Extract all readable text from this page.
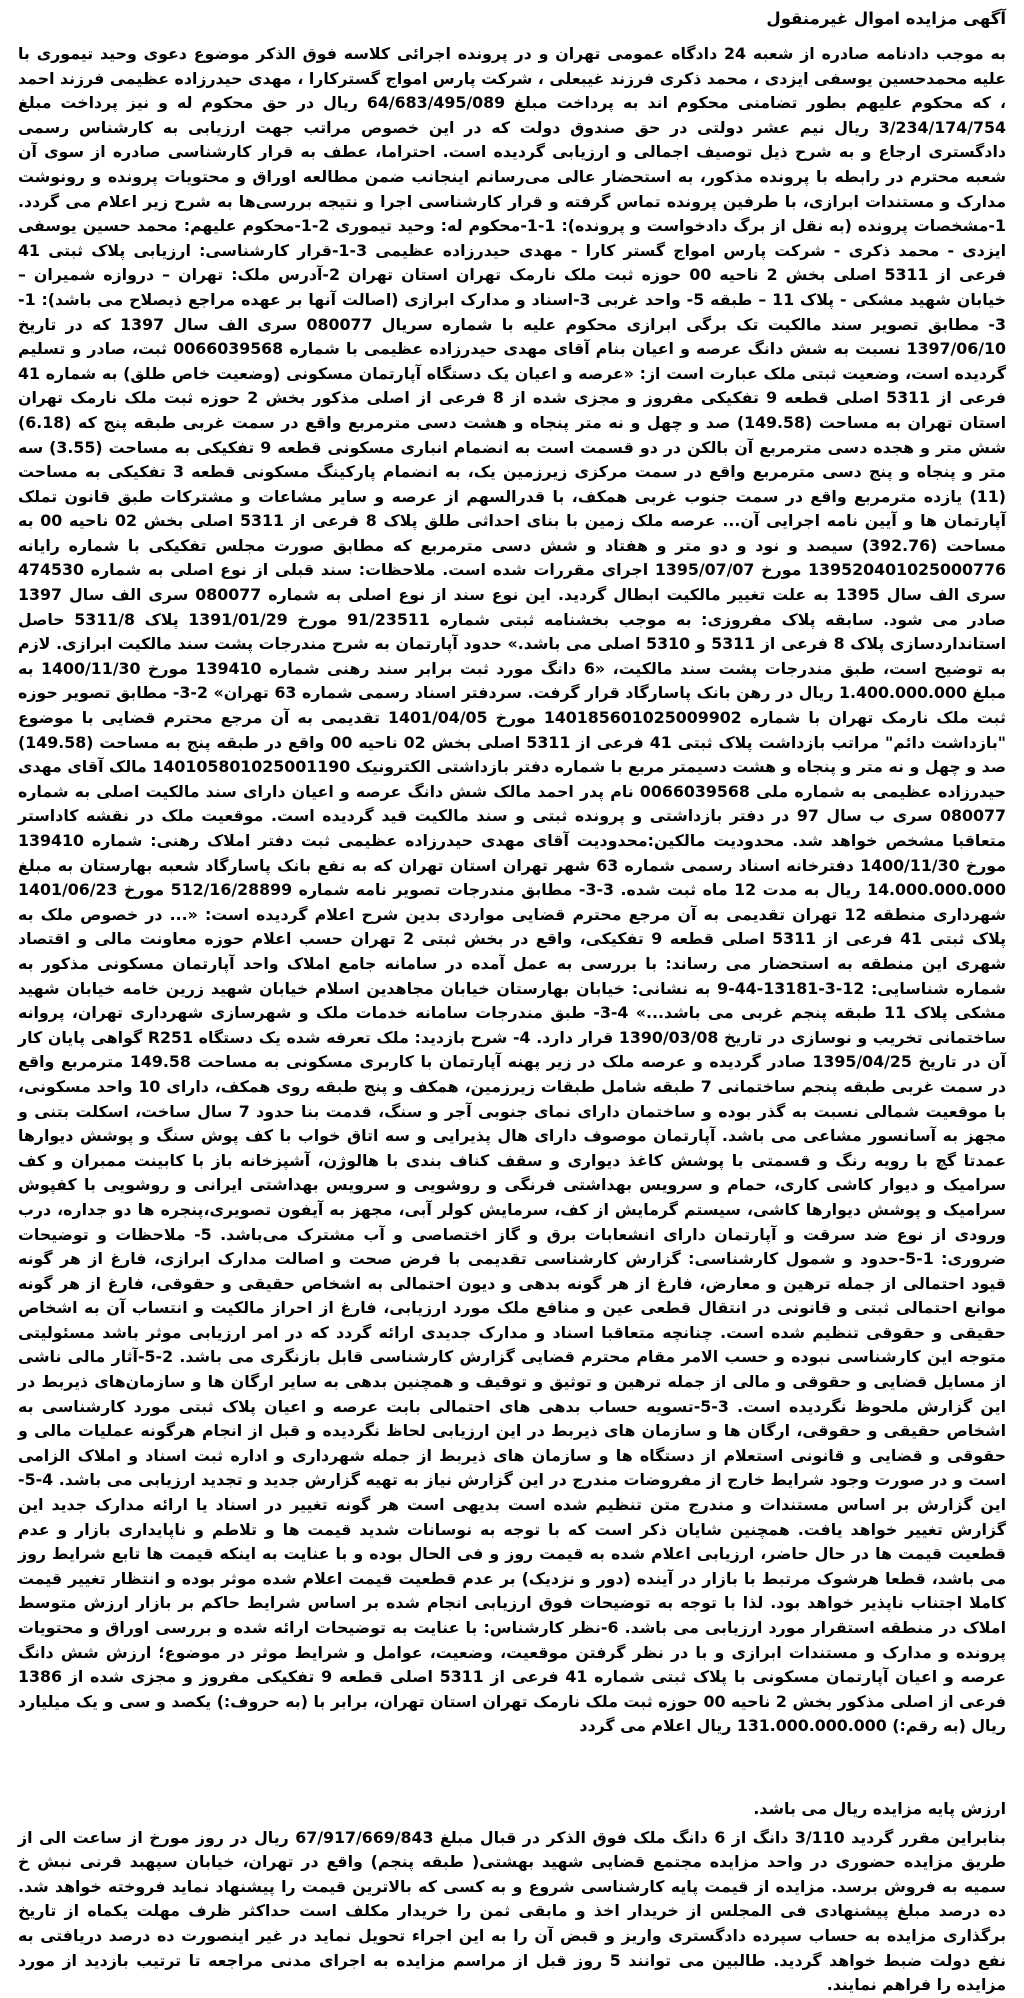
آگهی مزایده اموال غیرمنقول

به موجب دادنامه صادره از شعبه 24 دادگاه عمومی تهران و در پرونده اجرائی کلاسه فوق الذکر موضوع دعوی وحید تیموری با علیه محمدحسین یوسفی ایزدی ، محمد ذکری فرزند غیبعلی ، شرکت پارس امواج گسترکارا ، مهدی حیدرزاده عظیمی فرزند احمد ، که محکوم علیهم بطور تضامنی محکوم اند به پرداخت مبلغ 64/683/495/089 ریال در حق محکوم له و نیز پرداخت مبلغ 3/234/174/754 ریال نیم عشر دولتی در حق صندوق دولت که در این خصوص مراتب جهت ارزیابی به کارشناس رسمی دادگستری ارجاع و به شرح ذیل توصیف اجمالی و ارزیابی گردیده است. احتراما، عطف به قرار کارشناسی صادره از سوی آن شعبه محترم در رابطه با پرونده مذکور، به استحضار عالی می‌رسانم اینجانب ضمن مطالعه اوراق و محتویات پرونده و رونوشت مدارک و مستندات ابرازی، با طرفین پرونده تماس گرفته و قرار کارشناسی اجرا و نتیجه بررسی‌ها به شرح زیر اعلام می گردد. 1-مشخصات پرونده (به نقل از برگ دادخواست و پرونده): 1-1-محکوم له: وحید تیموری 2-1-محکوم علیهم: محمد حسین یوسفی ایزدی - محمد ذکری - شرکت پارس امواج گستر کارا - مهدی حیدرزاده عظیمی 3-1-قرار کارشناسی: ارزیابی پلاک ثبتی 41 فرعی از 5311 اصلی بخش 2 ناحیه 00 حوزه ثبت ملک نارمک تهران استان تهران 2-آدرس ملک: تهران – دروازه شمیران – خیابان شهید مشکی - پلاک 11 – طبقه 5- واحد غربی 3-اسناد و مدارک ابرازی (اصالت آنها بر عهده مراجع ذیصلاح می باشد): 1-3- مطابق تصویر سند مالکیت تک برگی ابرازی محکوم علیه با شماره سریال 080077 سری الف سال 1397 که در تاریخ 1397/06/10 نسبت به شش دانگ عرصه و اعیان بنام آقای مهدی حیدرزاده عظیمی با شماره 0066039568 ثبت، صادر و تسلیم گردیده است، وضعیت ثبتی ملک عبارت است از: «عرصه و اعیان یک دستگاه آپارتمان مسکونی (وضعیت خاص طلق) به شماره 41 فرعی از 5311 اصلی قطعه 9 تفکیکی مفروز و مجزی شده از 8 فرعی از اصلی مذکور بخش 2 حوزه ثبت ملک نارمک تهران استان تهران به مساحت (149.58) صد و چهل و نه متر پنجاه و هشت دسی مترمربع واقع در سمت غربی طبقه پنج که (6.18) شش متر و هجده دسی مترمربع آن بالکن در دو قسمت است به انضمام انباری مسکونی قطعه 9 تفکیکی به مساحت (3.55) سه متر و پنجاه و پنج دسی مترمربع واقع در سمت مرکزی زیرزمین یک، به انضمام پارکینگ مسکونی قطعه 3 تفکیکی به مساحت (11) یازده مترمربع واقع در سمت جنوب غربی همکف، با قدرالسهم از عرصه و سایر مشاعات و مشترکات طبق قانون تملک آپارتمان ها و آیین نامه اجرایی آن... عرصه ملک زمین با بنای احداثی طلق پلاک 8 فرعی از 5311 اصلی بخش 02 ناحیه 00 به مساحت (392.76) سیصد و نود و دو متر و هفتاد و شش دسی مترمربع که مطابق صورت مجلس تفکیکی با شماره رایانه 139520401025000776 مورخ 1395/07/07 اجرای مقررات شده است. ملاحظات: سند قبلی از نوع اصلی به شماره 474530 سری الف سال 1395 به علت تغییر مالکیت ابطال گردید. این نوع سند از نوع اصلی به شماره 080077 سری الف سال 1397 صادر می شود. سابقه پلاک مفروزی: به موجب بخشنامه ثبتی شماره 91/23511 مورخ 1391/01/29 پلاک 5311/8 حاصل استانداردسازی پلاک 8 فرعی از 5311 و 5310 اصلی می باشد.» حدود آپارتمان به شرح مندرجات پشت سند مالکیت ابرازی. لازم به توضیح است، طبق مندرجات پشت سند مالکیت، «6 دانگ مورد ثبت برابر سند رهنی شماره 139410 مورخ 1400/11/30 به مبلغ 1.400.000.000 ریال در رهن بانک پاسارگاد قرار گرفت. سردفتر اسناد رسمی شماره 63 تهران» 2-3- مطابق تصویر حوزه ثبت ملک نارمک تهران با شماره 140185601025009902 مورخ 1401/04/05 تقدیمی به آن مرجع محترم قضایی با موضوع "بازداشت دائم" مراتب بازداشت پلاک ثبتی 41 فرعی از 5311 اصلی بخش 02 ناحیه 00 واقع در طبقه پنج به مساحت (149.58) صد و چهل و نه متر و پنجاه و هشت دسیمتر مربع با شماره دفتر بازداشتی الکترونیک 140105801025001190 مالک آقای مهدی حیدرزاده عظیمی به شماره ملی 0066039568 نام پدر احمد مالک شش دانگ عرصه و اعیان دارای سند مالکیت اصلی به شماره 080077 سری ب سال 97 در دفتر بازداشتی و پرونده ثبتی و سند مالکیت قید گردیده است. موقعیت ملک در نقشه کاداستر متعاقبا مشخص خواهد شد. محدودیت مالکین:محدودیت آقای مهدی حیدرزاده عظیمی ثبت دفتر املاک رهنی: شماره 139410 مورخ 1400/11/30 دفترخانه اسناد رسمی شماره 63 شهر تهران استان تهران که به نفع بانک پاسارگاد شعبه بهارستان به مبلغ 14.000.000.000 ریال به مدت 12 ماه ثبت شده. 3-3- مطابق مندرجات تصویر نامه شماره 512/16/28899 مورخ 1401/06/23 شهرداری منطقه 12 تهران تقدیمی به آن مرجع محترم قضایی مواردی بدین شرح اعلام گردیده است: «... در خصوص ملک به پلاک ثبتی 41 فرعی از 5311 اصلی قطعه 9 تفکیکی، واقع در بخش ثبتی 2 تهران حسب اعلام حوزه معاونت مالی و اقتصاد شهری این منطقه به استحضار می رساند: با بررسی به عمل آمده در سامانه جامع املاک واحد آپارتمان مسکونی مذکور به شماره شناسایی: 12-3-13181-44-9 به نشانی: خیابان بهارستان خیابان مجاهدین اسلام خیابان شهید زرین خامه خیابان شهید مشکی پلاک 11 طبقه پنجم غربی می باشد...» 4-3- طبق مندرجات سامانه خدمات ملک و شهرسازی شهرداری تهران، پروانه ساختمانی تخریب و نوسازی در تاریخ 1390/03/08 قرار دارد. 4- شرح بازدید: ملک تعرفه شده یک دستگاه R251 گواهی پایان کار آن در تاریخ 1395/04/25 صادر گردیده و عرصه ملک در زیر پهنه آپارتمان با کاربری مسکونی به مساحت 149.58 مترمربع واقع در سمت غربی طبقه پنجم ساختمانی 7 طبقه شامل طبقات زیرزمین، همکف و پنج طبقه روی همکف، دارای 10 واحد مسکونی، با موقعیت شمالی نسبت به گذر بوده و ساختمان دارای نمای جنوبی آجر و سنگ، قدمت بنا حدود 7 سال ساخت، اسکلت بتنی و مجهز به آسانسور مشاعی می باشد. آپارتمان موصوف دارای هال پذیرایی و سه اتاق خواب با کف پوش سنگ و پوشش دیوارها عمدتا گچ با رویه رنگ و قسمتی با پوشش کاغذ دیواری و سقف کناف بندی با هالوژن، آشپزخانه باز با کابینت ممبران و کف سرامیک و دیوار کاشی کاری، حمام و سرویس بهداشتی فرنگی و روشویی و سرویس بهداشتی ایرانی و روشویی با کفپوش سرامیک و پوشش دیوارها کاشی، سیستم گرمایش از کف، سرمایش کولر آبی، مجهز به آیفون تصویری،پنجره ها دو جداره، درب ورودی از نوع ضد سرقت و آپارتمان دارای انشعابات برق و گاز اختصاصی و آب مشترک می‌باشد. 5- ملاحظات و توضیحات ضروری: 1-5-حدود و شمول کارشناسی: گزارش کارشناسی تقدیمی با فرض صحت و اصالت مدارک ابرازی، فارغ از هر گونه قیود احتمالی از جمله ترهین و معارض، فارغ از هر گونه بدهی و دیون احتمالی به اشخاص حقیقی و حقوقی، فارغ از هر گونه موانع احتمالی ثبتی و قانونی در انتقال قطعی عین و منافع ملک مورد ارزیابی، فارغ از احراز مالکیت و انتساب آن به اشخاص حقیقی و حقوقی تنظیم شده است. چنانچه متعاقبا اسناد و مدارک جدیدی ارائه گردد که در امر ارزیابی موثر باشد مسئولیتی متوجه این کارشناسی نبوده و حسب الامر مقام محترم قضایی گزارش کارشناسی قابل بازنگری می باشد. 2-5-آثار مالی ناشی از مسایل قضایی و حقوقی و مالی از جمله ترهین و توثیق و توقیف و همچنین بدهی به سایر ارگان ها و سازمان‌های ذیربط در این گزارش ملحوظ نگردیده است. 3-5-تسویه حساب بدهی های احتمالی بابت عرصه و اعیان پلاک ثبتی مورد کارشناسی به اشخاص حقیقی و حقوقی، ارگان ها و سازمان های ذیربط در این ارزیابی لحاظ نگردیده و قبل از انجام هرگونه عملیات مالی و حقوقی و قضایی و قانونی استعلام از دستگاه ها و سازمان های ذیربط از جمله شهرداری و اداره ثبت اسناد و املاک الزامی است و در صورت وجود شرایط خارج از مفروضات مندرج در این گزارش نیاز به تهیه گزارش جدید و تجدید ارزیابی می باشد. 4-5-این گزارش بر اساس مستندات و مندرج متن تنظیم شده است بدیهی است هر گونه تغییر در اسناد یا ارائه مدارک جدید این گزارش تغییر خواهد یافت. همچنین شایان ذکر است که با توجه به نوسانات شدید قیمت ها و تلاطم و ناپایداری بازار و عدم قطعیت قیمت ها در حال حاضر، ارزیابی اعلام شده به قیمت روز و فی الحال بوده و با عنایت به اینکه قیمت ها تابع شرایط روز می باشد، قطعا هرشوک مرتبط با بازار در آینده (دور و نزدیک) بر عدم قطعیت قیمت اعلام شده موثر بوده و انتظار تغییر قیمت کاملا اجتناب ناپذیر خواهد بود. لذا با توجه به توضیحات فوق ارزیابی انجام شده بر اساس شرایط حاکم بر بازار ارزش متوسط املاک در منطقه استقرار مورد ارزیابی می باشد. 6-نظر کارشناس: با عنایت به توضیحات ارائه شده و بررسی اوراق و محتویات پرونده و مدارک و مستندات ابرازی و با در نظر گرفتن موقعیت، وضعیت، عوامل و شرایط موثر در موضوع؛ ارزش شش دانگ عرصه و اعیان آپارتمان مسکونی با پلاک ثبتی شماره 41 فرعی از 5311 اصلی قطعه 9 تفکیکی مفروز و مجزی شده از 1386 فرعی از اصلی مذکور بخش 2 ناحیه 00 حوزه ثبت ملک نارمک تهران استان تهران، برابر با (به حروف:) یکصد و سی و یک میلیارد ریال (به رقم:) 131.000.000.000 ریال اعلام می گردد

ارزش پایه مزایده ریال می باشد.

بنابراین مقرر گردید 3/110 دانگ از 6 دانگ ملک فوق الذکر در قبال مبلغ 67/917/669/843 ریال در روز مورخ از ساعت الی از طریق مزایده حضوری در واحد مزایده مجتمع قضایی شهید بهشتی( طبقه پنجم) واقع در تهران، خیابان سپهبد قرنی نبش خ سمیه به فروش برسد. مزایده از قیمت پایه کارشناسی شروع و به کسی که بالاترین قیمت را پیشنهاد نماید فروخته خواهد شد. ده درصد مبلغ پیشنهادی فی المجلس از خریدار اخذ و مابقی ثمن را خریدار مکلف است حداکثر ظرف مهلت یکماه از تاریخ برگذاری مزایده به حساب سپرده دادگستری واریز و قبض آن را به این اجراء تحویل نماید در غیر اینصورت ده درصد دریافتی به نفع دولت ضبط خواهد گردید. طالبین می توانند 5 روز قبل از مراسم مزایده به اجرای مدنی مراجعه تا ترتیب بازدید از مورد مزایده را فراهم نمایند.
